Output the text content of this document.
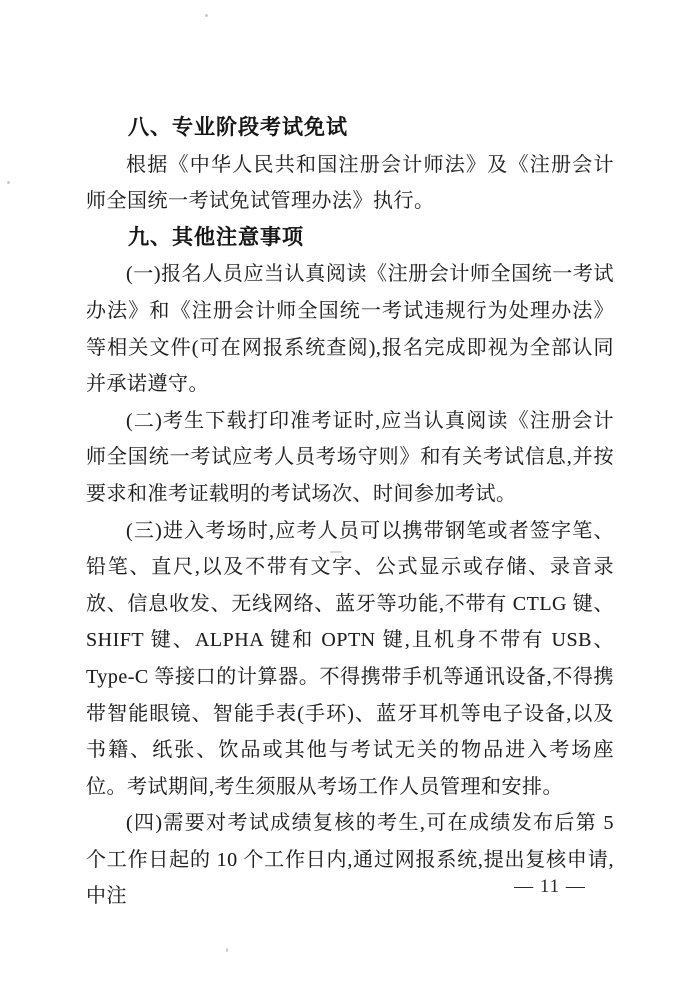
八、专业阶段考试免试

根据《中华人民共和国注册会计师法》及《注册会计师全国统一考试免试管理办法》执行。

九、其他注意事项

(一)报名人员应当认真阅读《注册会计师全国统一考试办法》和《注册会计师全国统一考试违规行为处理办法》等相关文件(可在网报系统查阅),报名完成即视为全部认同并承诺遵守。

(二)考生下载打印准考证时,应当认真阅读《注册会计师全国统一考试应考人员考场守则》和有关考试信息,并按要求和准考证载明的考试场次、时间参加考试。

(三)进入考场时,应考人员可以携带钢笔或者签字笔、铅笔、直尺,以及不带有文字、公式显示或存储、录音录放、信息收发、无线网络、蓝牙等功能,不带有 CTLG 键、SHIFT 键、ALPHA 键和 OPTN 键,且机身不带有 USB、Type-C 等接口的计算器。不得携带手机等通讯设备,不得携带智能眼镜、智能手表(手环)、蓝牙耳机等电子设备,以及书籍、纸张、饮品或其他与考试无关的物品进入考场座位。考试期间,考生须服从考场工作人员管理和安排。

(四)需要对考试成绩复核的考生,可在成绩发布后第 5 个工作日起的 10 个工作日内,通过网报系统,提出复核申请,中注	— 11 —
